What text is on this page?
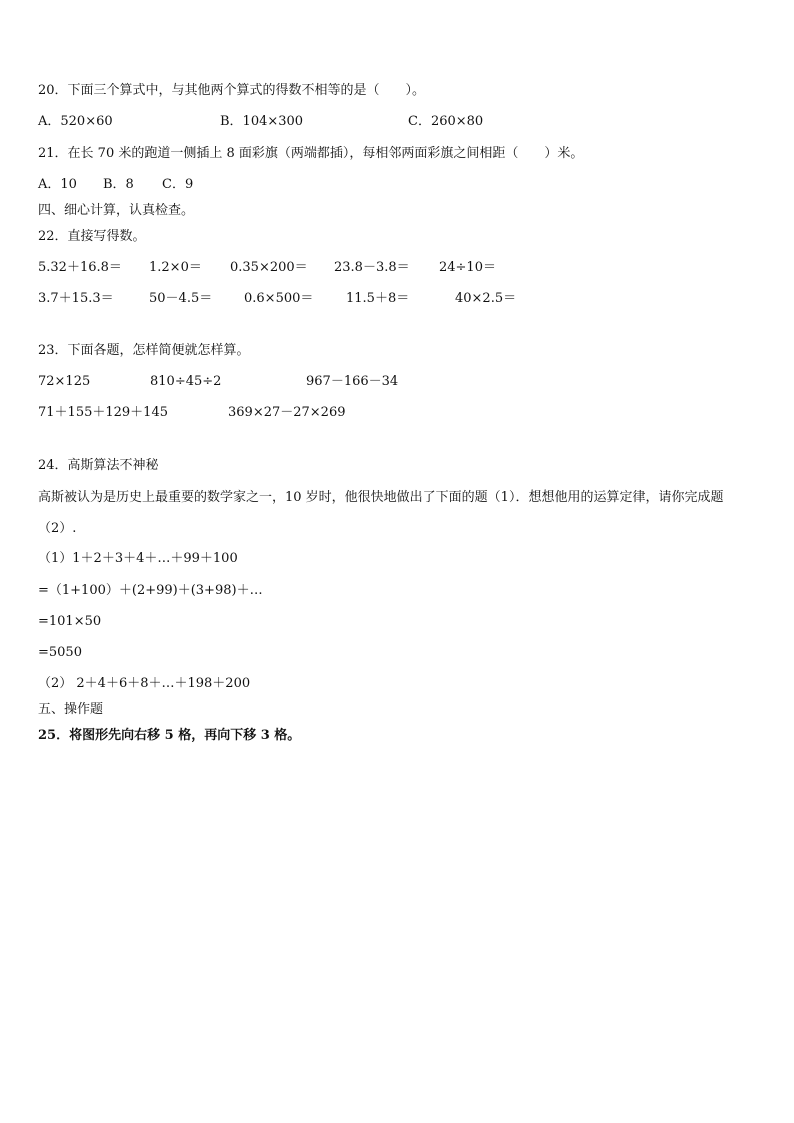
20．下面三个算式中，与其他两个算式的得数不相等的是（　　）。
A．520×60	B．104×300	C．260×80
21．在长 70 米的跑道一侧插上 8 面彩旗（两端都插），每相邻两面彩旗之间相距（　　）米。
A．10 B．8 C．9
四、细心计算，认真检查。
22．直接写得数。
5.32＋16.8＝ 1.2×0＝ 0.35×200＝ 23.8－3.8＝ 24÷10＝
3.7＋15.3＝	50－4.5＝ 0.6×500＝	11.5＋8＝	40×2.5＝
23．下面各题，怎样简便就怎样算。
72×125	810÷45÷2	967－166－34
71＋155＋129＋145	369×27－27×269
24．高斯算法不神秘
高斯被认为是历史上最重要的数学家之一，10 岁时，他很快地做出了下面的题（1）．想想他用的运算定律，请你完成题（2）.
（1）1＋2＋3＋4＋…＋99＋100
=（1+100）＋(2+99)＋(3+98)＋…
=101×50
=5050
（2） 2＋4＋6＋8＋…＋198＋200
五、操作题
25．将图形先向右移 5 格，再向下移 3 格。
